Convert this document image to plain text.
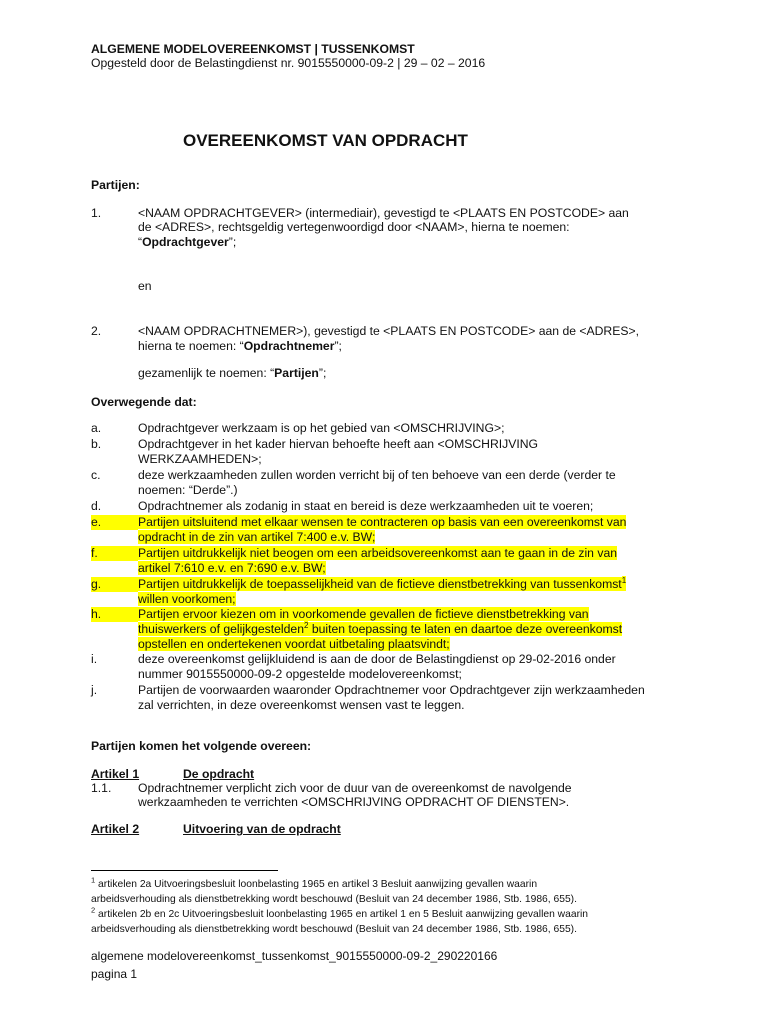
ALGEMENE MODELOVEREENKOMST | TUSSENKOMST
Opgesteld door de Belastingdienst nr. 9015550000-09-2 | 29 – 02 – 2016
OVEREENKOMST VAN OPDRACHT
Partijen:
1.	<NAAM OPDRACHTGEVER> (intermediair), gevestigd te <PLAATS EN POSTCODE> aan
de <ADRES>, rechtsgeldig vertegenwoordigd door <NAAM>, hierna te noemen:
“Opdrachtgever”;
en
2.	<NAAM OPDRACHTNEMER>), gevestigd te <PLAATS EN POSTCODE> aan de <ADRES>,
hierna te noemen: “Opdrachtnemer”;
gezamenlijk te noemen: “Partijen”;
Overwegende dat:
a.	Opdrachtgever werkzaam is op het gebied van <OMSCHRIJVING>;
b.	Opdrachtgever in het kader hiervan behoefte heeft aan <OMSCHRIJVING
WERKZAAMHEDEN>;
c.	deze werkzaamheden zullen worden verricht bij of ten behoeve van een derde (verder te
noemen: “Derde”.)
d.	Opdrachtnemer als zodanig in staat en bereid is deze werkzaamheden uit te voeren;
e.	Partijen uitsluitend met elkaar wensen te contracteren op basis van een overeenkomst van
opdracht in de zin van artikel 7:400 e.v. BW;
f.	Partijen uitdrukkelijk niet beogen om een arbeidsovereenkomst aan te gaan in de zin van
artikel 7:610 e.v. en 7:690 e.v. BW;
g.	Partijen uitdrukkelijk de toepasselijkheid van de fictieve dienstbetrekking van tussenkomst$^1$
willen voorkomen;
h.	Partijen ervoor kiezen om in voorkomende gevallen de fictieve dienstbetrekking van
thuiswerkers of gelijkgestelden$^2$ buiten toepassing te laten en daartoe deze overeenkomst
opstellen en ondertekenen voordat uitbetaling plaatsvindt;
i.	deze overeenkomst gelijkluidend is aan de door de Belastingdienst op 29-02-2016 onder
nummer 9015550000-09-2 opgestelde modelovereenkomst;
j.	Partijen de voorwaarden waaronder Opdrachtnemer voor Opdrachtgever zijn werkzaamheden
zal verrichten, in deze overeenkomst wensen vast te leggen.
Partijen komen het volgende overeen:
Artikel 1	De opdracht
1.1. Opdrachtnemer verplicht zich voor de duur van de overeenkomst de navolgende
werkzaamheden te verrichten <OMSCHRIJVING OPDRACHT OF DIENSTEN>.
Artikel 2	Uitvoering van de opdracht
$^1$ artikelen 2a Uitvoeringsbesluit loonbelasting 1965 en artikel 3 Besluit aanwijzing gevallen waarin
arbeidsverhouding als dienstbetrekking wordt beschouwd (Besluit van 24 december 1986, Stb. 1986, 655).
$^2$ artikelen 2b en 2c Uitvoeringsbesluit loonbelasting 1965 en artikel 1 en 5 Besluit aanwijzing gevallen waarin
arbeidsverhouding als dienstbetrekking wordt beschouwd (Besluit van 24 december 1986, Stb. 1986, 655).
algemene modelovereenkomst_tussenkomst_9015550000-09-2_290220166
pagina 1
